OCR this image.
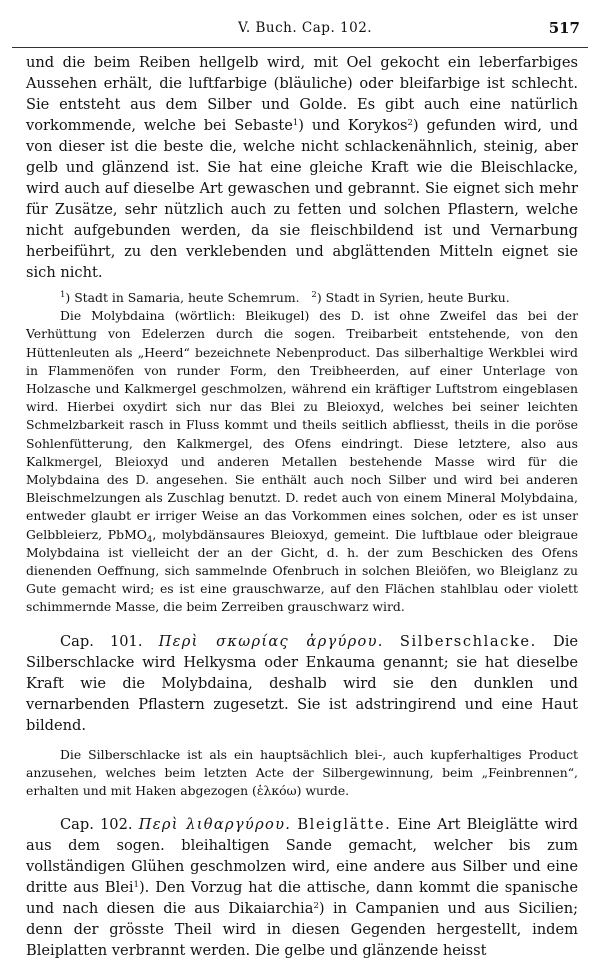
V. Buch. Cap. 102.	517

und die beim Reiben hellgelb wird, mit Oel gekocht ein leberfarbiges Aussehen erhält, die luftfarbige (bläuliche) oder bleifarbige ist schlecht. Sie entsteht aus dem Silber und Golde. Es gibt auch eine natürlich vorkommende, welche bei Sebaste$^1$) und Korykos$^2$) gefunden wird, und von dieser ist die beste die, welche nicht schlackenähnlich, steinig, aber gelb und glänzend ist. Sie hat eine gleiche Kraft wie die Bleischlacke, wird auch auf dieselbe Art gewaschen und gebrannt. Sie eignet sich mehr für Zusätze, sehr nützlich auch zu fetten und solchen Pflastern, welche nicht aufgebunden werden, da sie fleischbildend ist und Vernarbung herbeiführt, zu den verklebenden und abglättenden Mitteln eignet sie sich nicht.

$^1$) Stadt in Samaria, heute Schemrum. $^2$) Stadt in Syrien, heute Burku.

Die Molybdaina (wörtlich: Bleikugel) des D. ist ohne Zweifel das bei der Verhüttung von Edelerzen durch die sogen. Treibarbeit entstehende, von den Hüttenleuten als „Heerd“ bezeichnete Nebenproduct. Das silberhaltige Werkblei wird in Flammenöfen von runder Form, den Treibheerden, auf einer Unterlage von Holzasche und Kalkmergel geschmolzen, während ein kräftiger Luftstrom eingeblasen wird. Hierbei oxydirt sich nur das Blei zu Bleioxyd, welches bei seiner leichten Schmelzbarkeit rasch in Fluss kommt und theils seitlich abfliesst, theils in die poröse Sohlenfütterung, den Kalkmergel, des Ofens eindringt. Diese letztere, also aus Kalkmergel, Bleioxyd und anderen Metallen bestehende Masse wird für die Molybdaina des D. angesehen. Sie enthält auch noch Silber und wird bei anderen Bleischmelzungen als Zuschlag benutzt. D. redet auch von einem Mineral Molybdaina, entweder glaubt er irriger Weise an das Vorkommen eines solchen, oder es ist unser Gelbbleierz, PbMO$_4$, molybdänsaures Bleioxyd, gemeint. Die luftblaue oder bleigraue Molybdaina ist vielleicht der an der Gicht, d. h. der zum Beschicken des Ofens dienenden Oeffnung, sich sammelnde Ofenbruch in solchen Bleiöfen, wo Bleiglanz zu Gute gemacht wird; es ist eine grauschwarze, auf den Flächen stahlblau oder violett schimmernde Masse, die beim Zerreiben grauschwarz wird.

Cap. 101. Περὶ σκωρίας ἀργύρου. Silberschlacke. Die Silberschlacke wird Helkysma oder Enkauma genannt; sie hat dieselbe Kraft wie die Molybdaina, deshalb wird sie den dunklen und vernarbenden Pflastern zugesetzt. Sie ist adstringirend und eine Haut bildend.

Die Silberschlacke ist als ein hauptsächlich blei-, auch kupferhaltiges Product anzusehen, welches beim letzten Acte der Silbergewinnung, beim „Feinbrennen“, erhalten und mit Haken abgezogen (ἑλκόω) wurde.

Cap. 102. Περὶ λιθαργύρου. Bleiglätte. Eine Art Bleiglätte wird aus dem sogen. bleihaltigen Sande gemacht, welcher bis zum vollständigen Glühen geschmolzen wird, eine andere aus Silber und eine dritte aus Blei$^1$). Den Vorzug hat die attische, dann kommt die spanische und nach diesen die aus Dikaiarchia$^2$) in Campanien und aus Sicilien; denn der grösste Theil wird in diesen Gegenden hergestellt, indem Bleiplatten verbrannt werden. Die gelbe und glänzende heisst
